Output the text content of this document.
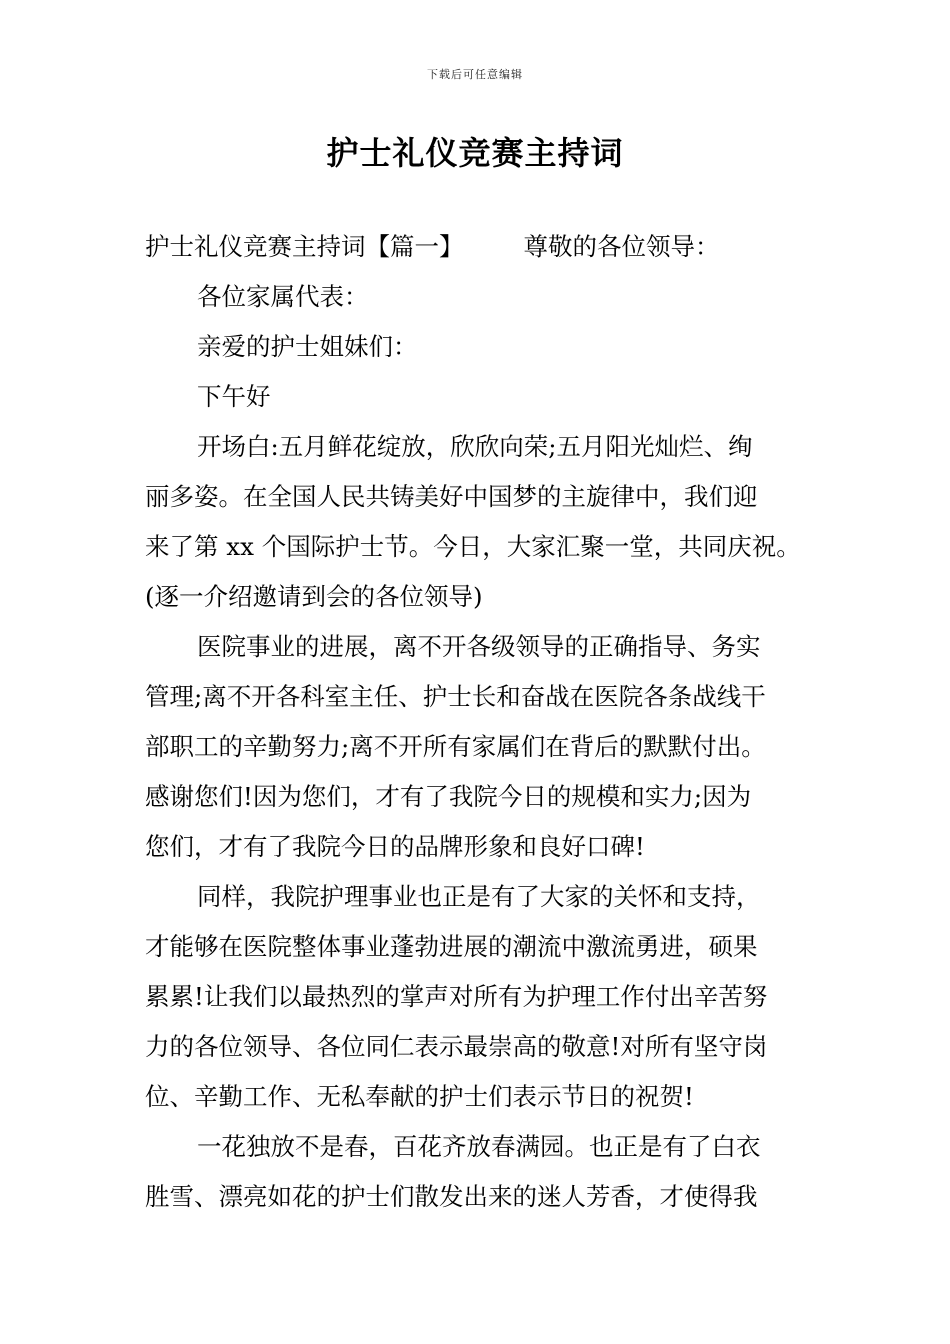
下载后可任意编辑
护士礼仪竞赛主持词

护士礼仪竞赛主持词【篇一】 尊敬的各位领导：

各位家属代表：

亲爱的护士姐妹们：

下午好

开场白:五月鲜花绽放，欣欣向荣;五月阳光灿烂、绚

丽多姿。在全国人民共铸美好中国梦的主旋律中，我们迎

来了第 xx 个国际护士节。今日，大家汇聚一堂，共同庆祝。

(逐一介绍邀请到会的各位领导)

医院事业的进展，离不开各级领导的正确指导、务实

管理;离不开各科室主任、护士长和奋战在医院各条战线干

部职工的辛勤努力;离不开所有家属们在背后的默默付出。

感谢您们!因为您们，才有了我院今日的规模和实力;因为

您们，才有了我院今日的品牌形象和良好口碑!

同样，我院护理事业也正是有了大家的关怀和支持，

才能够在医院整体事业蓬勃进展的潮流中激流勇进，硕果

累累!让我们以最热烈的掌声对所有为护理工作付出辛苦努

力的各位领导、各位同仁表示最崇高的敬意!对所有坚守岗

位、辛勤工作、无私奉献的护士们表示节日的祝贺!

一花独放不是春，百花齐放春满园。也正是有了白衣

胜雪、漂亮如花的护士们散发出来的迷人芳香，才使得我
